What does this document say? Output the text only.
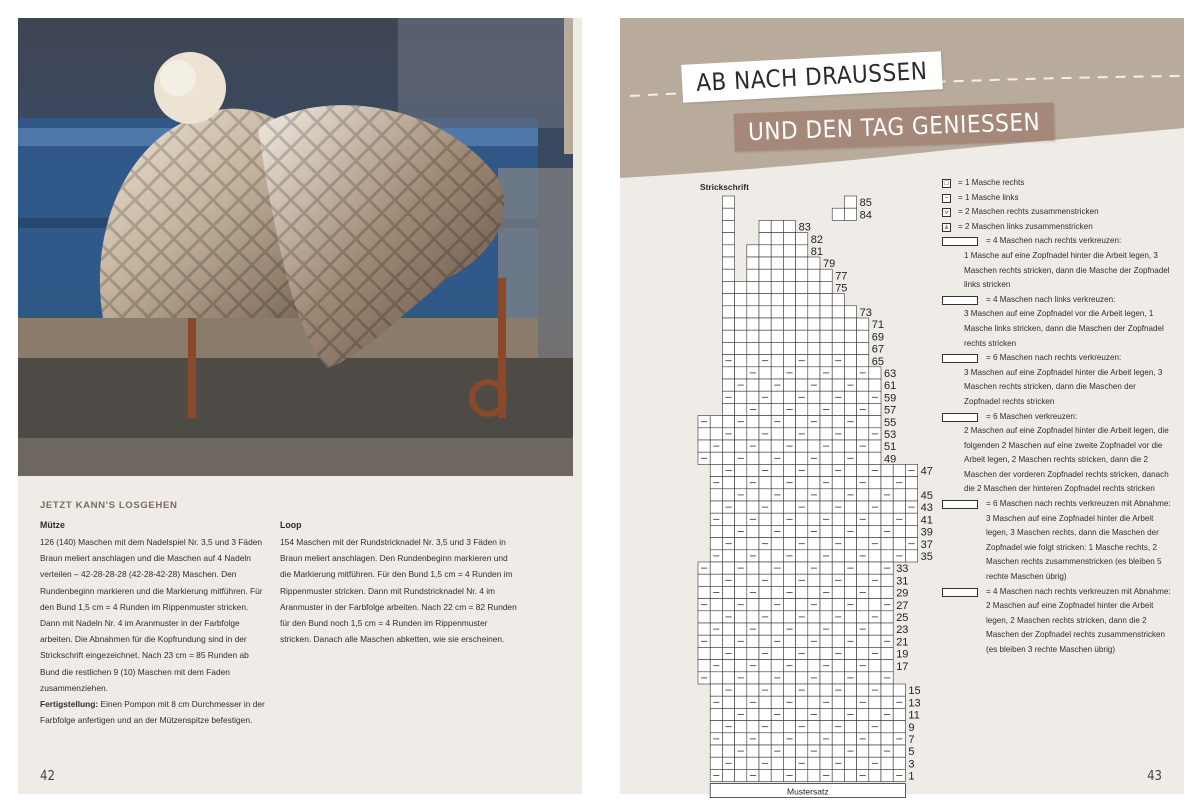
JETZT KANN'S LOSGEHEN
Mütze

126 (140) Maschen mit dem Nadelspiel Nr. 3,5 und 3 Fäden Braun meliert anschlagen und die Maschen auf 4 Nadeln verteilen – 42-28-28-28 (42-28-42-28) Maschen. Den Rundenbeginn markieren und die Markierung mitführen. Für den Bund 1,5 cm = 4 Runden im Rippenmuster stricken. Dann mit Nadeln Nr. 4 im Aranmuster in der Farbfolge arbeiten. Die Abnahmen für die Kopfrundung sind in der Strickschrift eingezeichnet. Nach 23 cm = 85 Runden ab Bund die restlichen 9 (10) Maschen mit dem Faden zusammenziehen.

Fertigstellung: Einen Pompon mit 8 cm Durchmesser in der Farbfolge anfertigen und an der Mützenspitze befestigen.

Loop

154 Maschen mit der Rundstricknadel Nr. 3,5 und 3 Fäden in Braun meliert anschlagen. Den Rundenbeginn markieren und die Markierung mitführen. Für den Bund 1,5 cm = 4 Runden im Rippenmuster stricken. Dann mit Rundstricknadel Nr. 4 im Aranmuster in der Farbfolge arbeiten. Nach 22 cm = 82 Runden für den Bund noch 1,5 cm = 4 Runden im Rippenmuster stricken. Danach alle Maschen abketten, wie sie erscheinen.

42
AB NACH DRAUSSEN
UND DEN TAG GENIESSEN
Strickschrift
85
84
83
82
81
79
77
75
73
71
69
67
65
63
61
59
57
55
53
51
49
47
45
43
41
39
37
35
33
31
29
27
25
23
21
19
17
15
13
11
9
7
5
3
1
Mustersatz
□ = 1 Masche rechts
−	= 1 Masche links
⩒ = 2 Maschen rechts zusammenstricken
⩓	= 2 Maschen links zusammenstricken
= 4 Maschen nach rechts verkreuzen:
1 Masche auf eine Zopfnadel hinter die Arbeit legen, 3 Maschen rechts stricken, dann die Masche der Zopfnadel links stricken
= 4 Maschen nach links verkreuzen:
3 Maschen auf eine Zopfnadel vor die Arbeit legen, 1 Masche links stricken, dann die Maschen der Zopfnadel rechts stricken
= 6 Maschen nach rechts verkreuzen:
3 Maschen auf eine Zopfnadel hinter die Arbeit legen, 3 Maschen rechts stricken, dann die Maschen der Zopfnadel rechts stricken
= 6 Maschen verkreuzen:
2 Maschen auf eine Zopfnadel hinter die Arbeit legen, die folgenden 2 Maschen auf eine zweite Zopfnadel vor die Arbeit legen, 2 Maschen rechts stricken, dann die 2 Maschen der vorderen Zopfnadel rechts stricken, danach die 2 Maschen der hinteren Zopfnadel rechts stricken
= 6 Maschen nach rechts verkreuzen mit Abnahme: 3 Maschen auf eine Zopfnadel hinter die Arbeit legen, 3 Maschen rechts, dann die Maschen der Zopfnadel wie folgt stricken: 1 Masche rechts, 2 Maschen rechts zusammenstricken (es bleiben 5 rechte Maschen übrig)
= 4 Maschen nach rechts verkreuzen mit Abnahme: 2 Maschen auf eine Zopfnadel hinter die Arbeit legen, 2 Maschen rechts stricken, dann die 2 Maschen der Zopfnadel rechts zusammenstricken (es bleiben 3 rechte Maschen übrig)
43
